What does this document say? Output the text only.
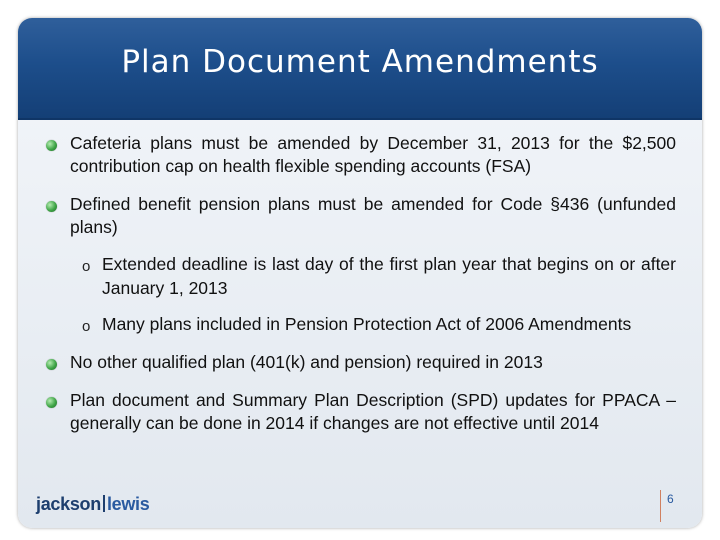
Plan Document Amendments
Cafeteria plans must be amended by December 31, 2013 for the $2,500 contribution cap on health flexible spending accounts (FSA)
Defined benefit pension plans must be amended for Code §436 (unfunded plans)
o Extended deadline is last day of the first plan year that begins on or after January 1, 2013
o Many plans included in Pension Protection Act of 2006 Amendments
No other qualified plan (401(k) and pension) required in 2013
Plan document and Summary Plan Description (SPD) updates for PPACA – generally can be done in 2014 if changes are not effective until 2014
jackson lewis	6
